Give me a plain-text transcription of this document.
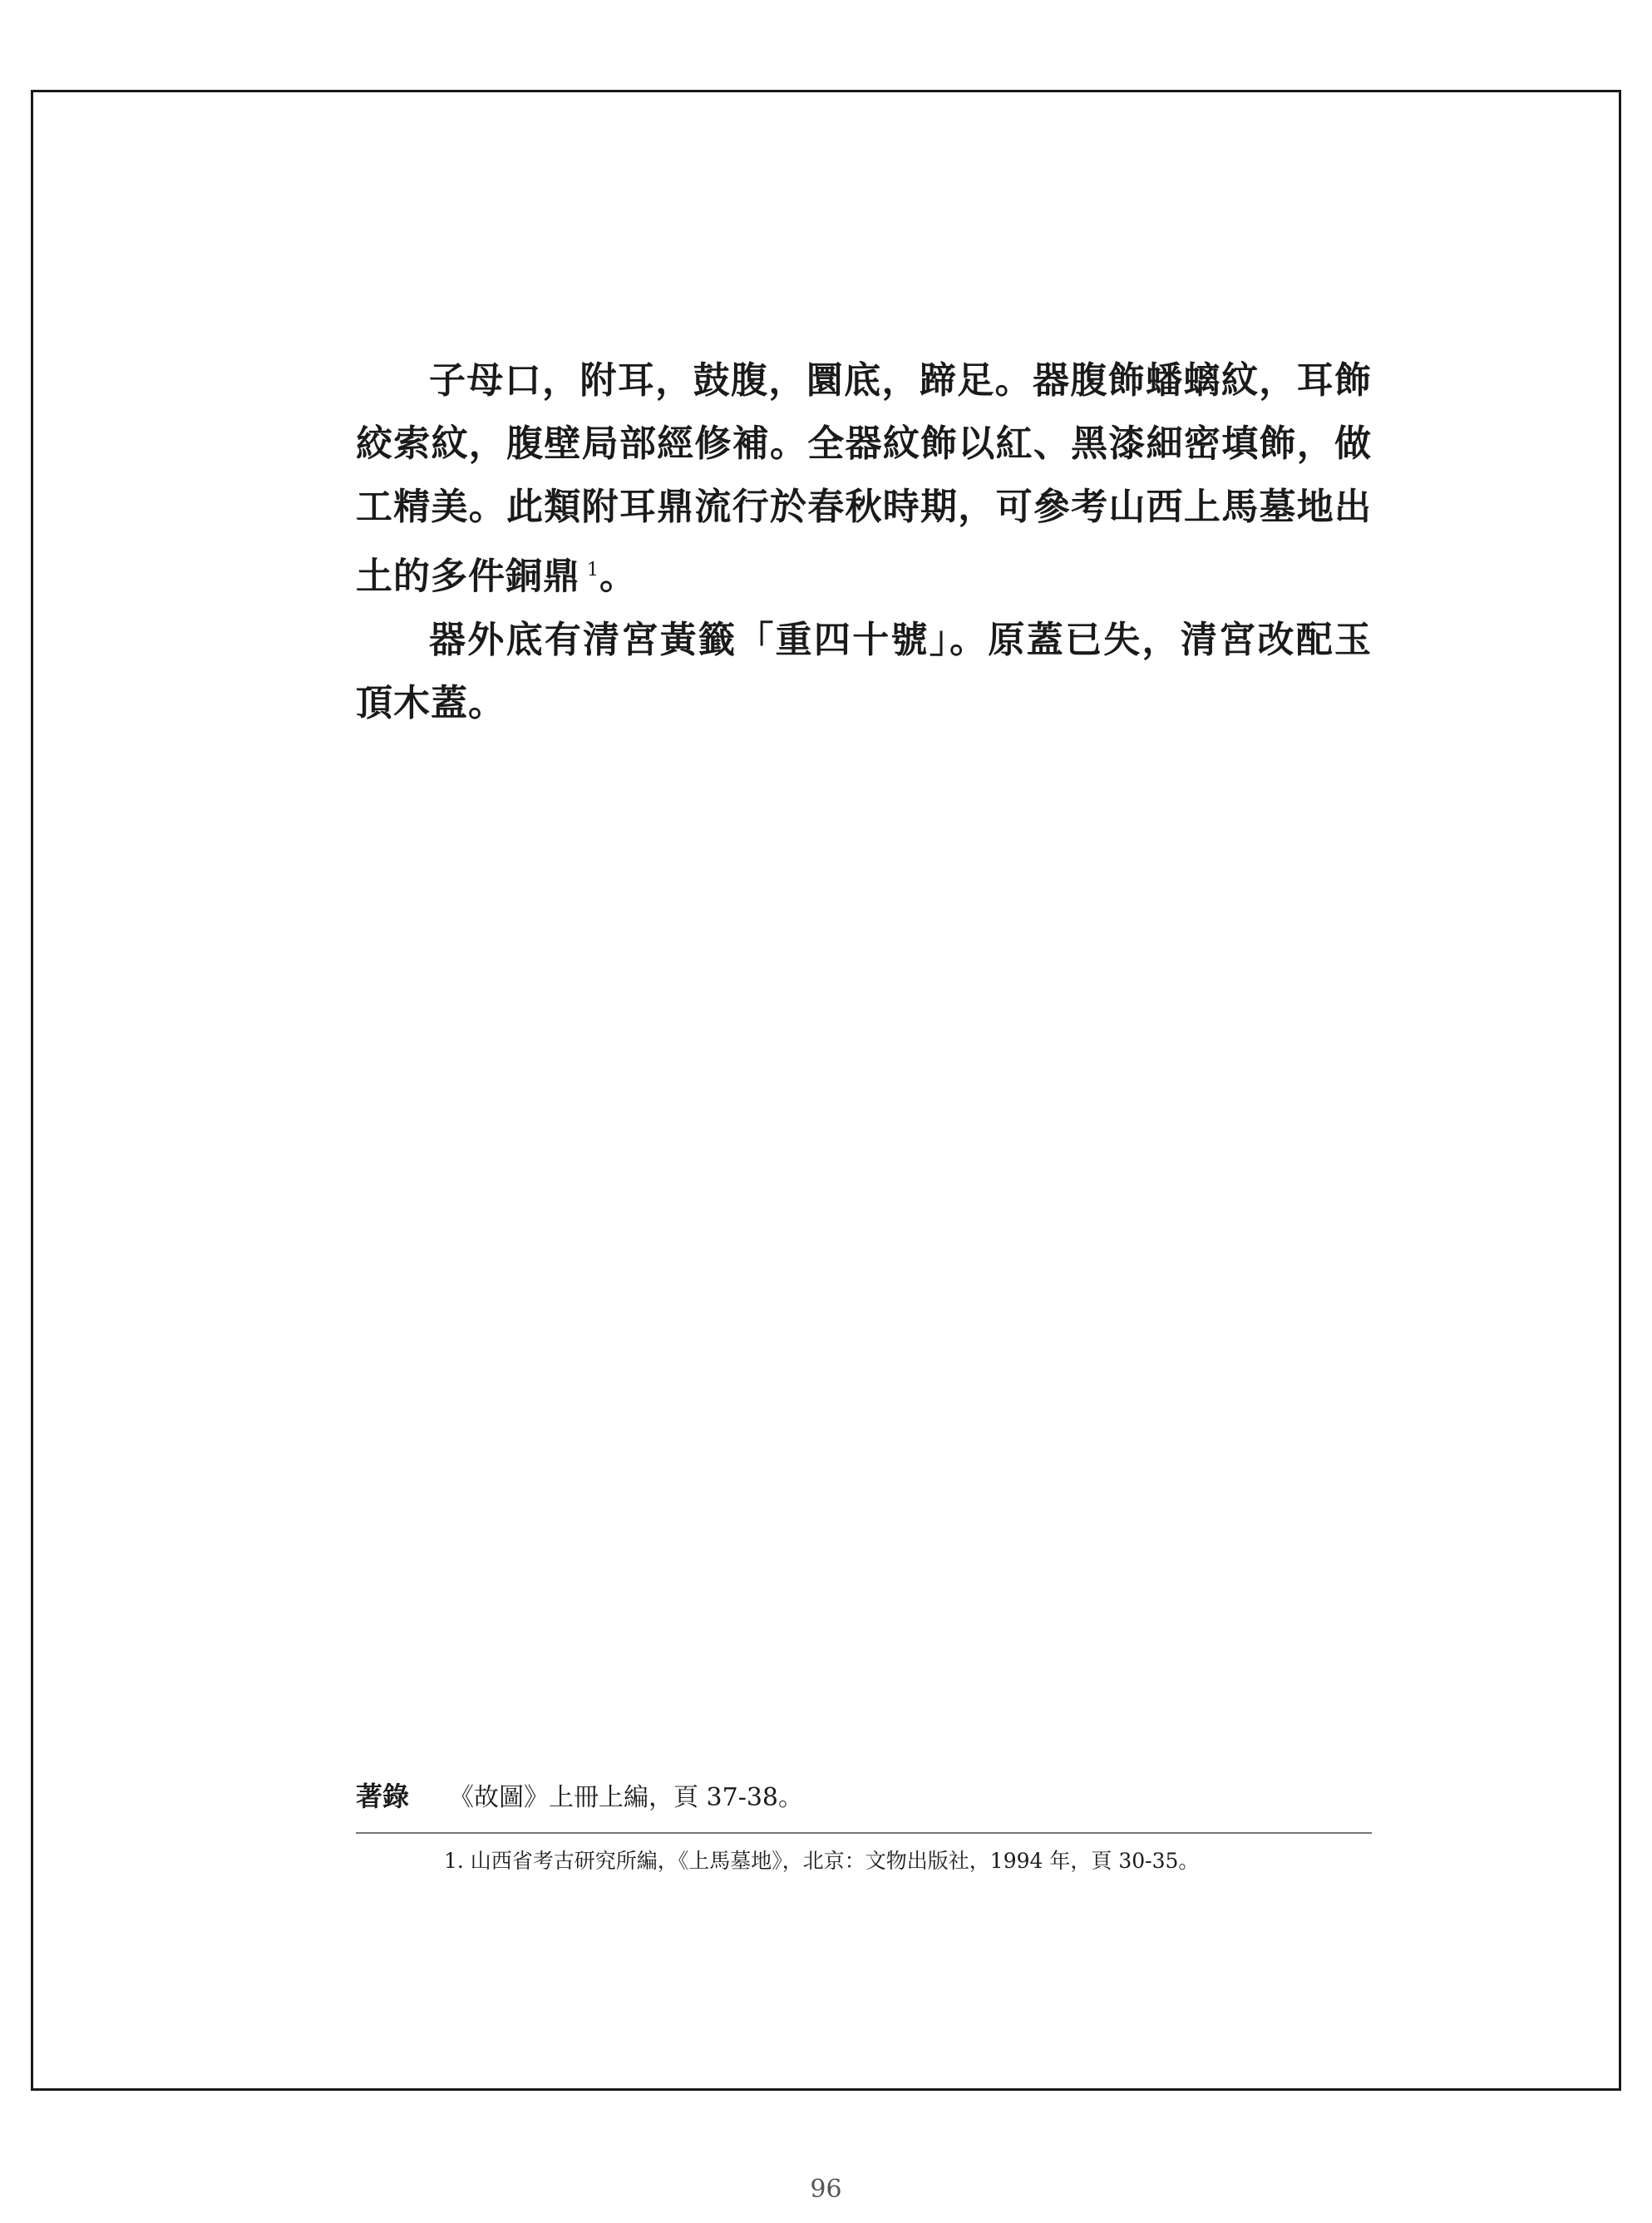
子母口，附耳，鼓腹，圜底，蹄足。器腹飾蟠螭紋，耳飾絞索紋，腹壁局部經修補。全器紋飾以紅、黑漆細密填飾，做工精美。此類附耳鼎流行於春秋時期，可參考山西上馬墓地出土的多件銅鼎 $^1$。

器外底有清宮黃籤「重四十號」。原蓋已失，清宮改配玉頂木蓋。

著錄 《故圖》上冊上編，頁 37-38。
1. 山西省考古研究所編，《上馬墓地》，北京：文物出版社，1994 年，頁 30-35。
96
